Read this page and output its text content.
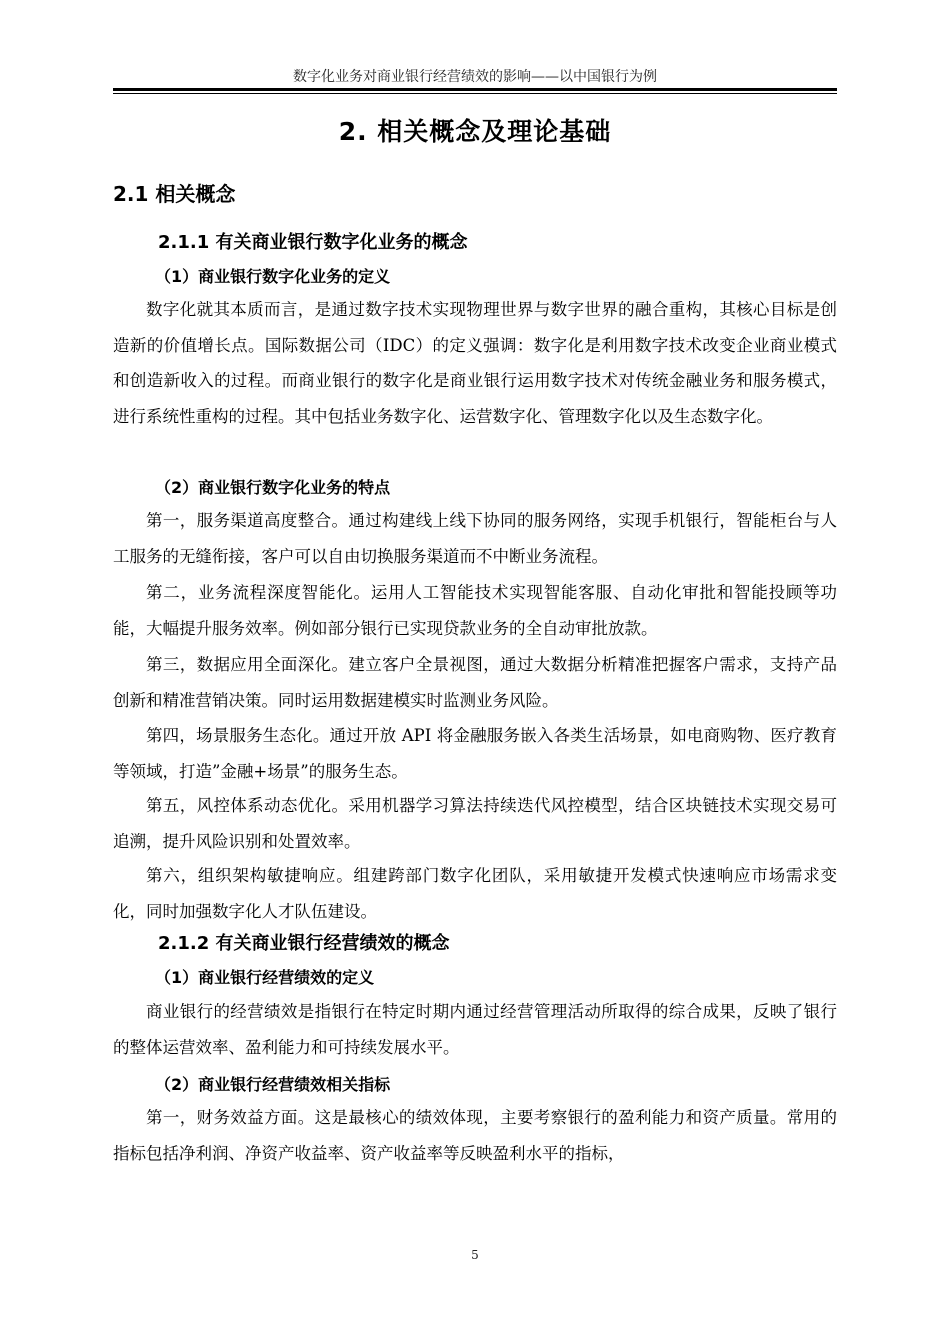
数字化业务对商业银行经营绩效的影响——以中国银行为例
2. 相关概念及理论基础
2.1 相关概念
2.1.1 有关商业银行数字化业务的概念
（1）商业银行数字化业务的定义

数字化就其本质而言，是通过数字技术实现物理世界与数字世界的融合重构，其核心目标是创造新的价值增长点。国际数据公司（IDC）的定义强调：数字化是利用数字技术改变企业商业模式和创造新收入的过程。而商业银行的数字化是商业银行运用数字技术对传统金融业务和服务模式，进行系统性重构的过程。其中包括业务数字化、运营数字化、管理数字化以及生态数字化。

（2）商业银行数字化业务的特点

第一，服务渠道高度整合。通过构建线上线下协同的服务网络，实现手机银行，智能柜台与人工服务的无缝衔接，客户可以自由切换服务渠道而不中断业务流程。

第二，业务流程深度智能化。运用人工智能技术实现智能客服、自动化审批和智能投顾等功能，大幅提升服务效率。例如部分银行已实现贷款业务的全自动审批放款。

第三，数据应用全面深化。建立客户全景视图，通过大数据分析精准把握客户需求，支持产品创新和精准营销决策。同时运用数据建模实时监测业务风险。

第四，场景服务生态化。通过开放 API 将金融服务嵌入各类生活场景，如电商购物、医疗教育等领域，打造”金融+场景”的服务生态。

第五，风控体系动态优化。采用机器学习算法持续迭代风控模型，结合区块链技术实现交易可追溯，提升风险识别和处置效率。

第六，组织架构敏捷响应。组建跨部门数字化团队，采用敏捷开发模式快速响应市场需求变化，同时加强数字化人才队伍建设。

2.1.2 有关商业银行经营绩效的概念
（1）商业银行经营绩效的定义

商业银行的经营绩效是指银行在特定时期内通过经营管理活动所取得的综合成果，反映了银行的整体运营效率、盈利能力和可持续发展水平。

（2）商业银行经营绩效相关指标

第一，财务效益方面。这是最核心的绩效体现，主要考察银行的盈利能力和资产质量。常用的指标包括净利润、净资产收益率、资产收益率等反映盈利水平的指标，

5
